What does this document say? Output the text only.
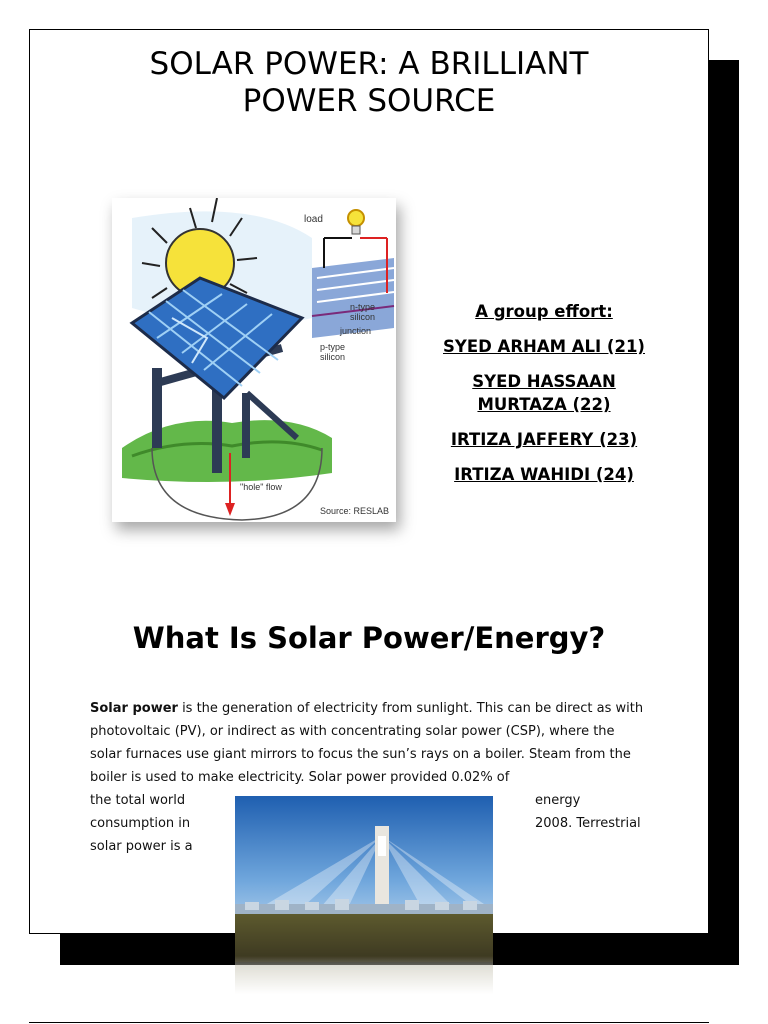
SOLAR POWER: A BRILLIANT
POWER SOURCE
load
n-type
silicon
junction
p-type
silicon
"hole" flow
Source: RESLAB
A group effort:
SYED ARHAM ALI (21)
SYED HASSAAN MURTAZA (22)
IRTIZA JAFFERY (23)
IRTIZA WAHIDI (24)
What Is Solar Power/Energy?
Solar power is the generation of electricity from sunlight. This can be direct as with photovoltaic (PV), or indirect as with concentrating solar power (CSP), where the solar furnaces use giant mirrors to focus the sun’s rays on a boiler. Steam from the boiler is used to make electricity. Solar power provided 0.02% of
the total world
consumption in
solar power is a
energy
2008. Terrestrial
